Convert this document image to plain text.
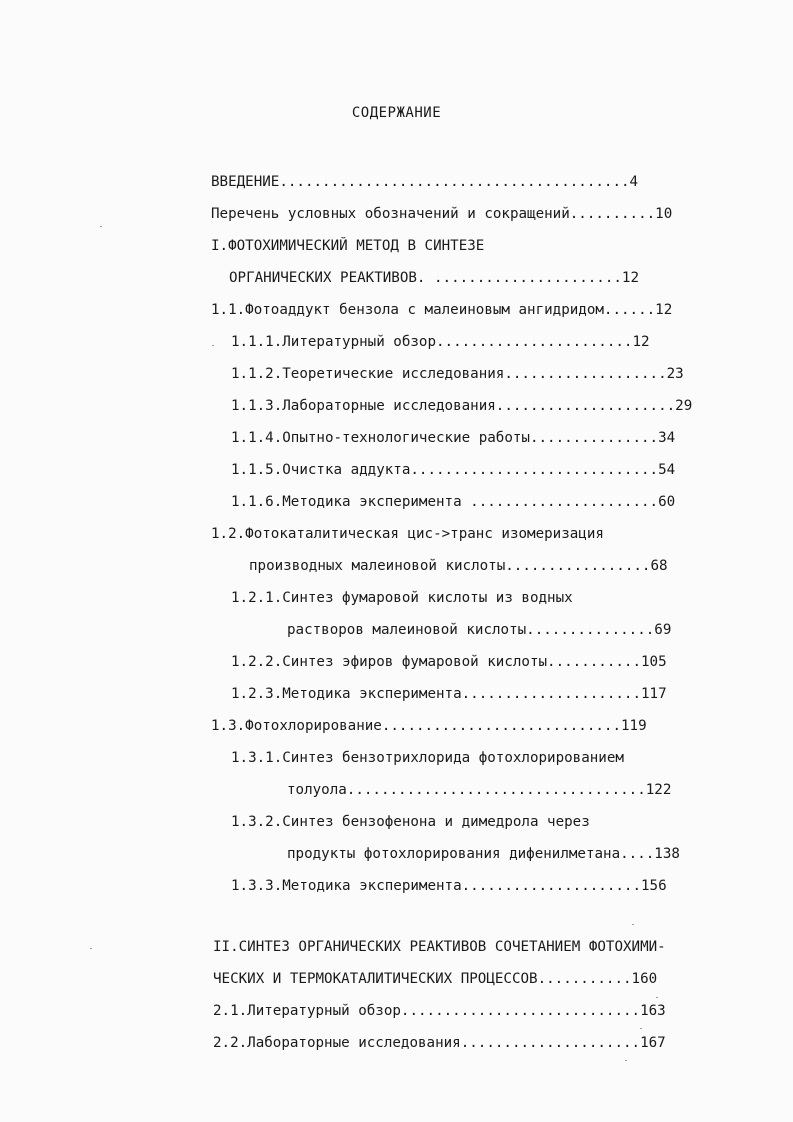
СОДЕРЖАНИЕ
ВВЕДЕНИЕ.........................................4
Перечень условных обозначений и сокращений..........10
I.ФОТОХИМИЧЕСКИЙ МЕТОД В СИНТЕЗЕ
ОРГАНИЧЕСКИХ РЕАКТИВОВ. ......................12
1.1.Фотоаддукт бензола с малеиновым ангидридом......12
1.1.1.Литературный обзор.......................12
1.1.2.Теоретические исследования...................23
1.1.3.Лабораторные исследования.....................29
1.1.4.Опытно-технологические работы...............34
1.1.5.Очистка аддукта.............................54
1.1.6.Методика эксперимента ......................60
1.2.Фотокаталитическая цис->транс изомеризация
производных малеиновой кислоты.................68
1.2.1.Синтез фумаровой кислоты из водных
растворов малеиновой кислоты...............69
1.2.2.Синтез эфиров фумаровой кислоты...........105
1.2.3.Методика эксперимента.....................117
1.3.Фотохлорирование............................119
1.3.1.Синтез бензотрихлорида фотохлорированием
толуола...................................122
1.3.2.Синтез бензофенона и димедрола через
продукты фотохлорирования дифенилметана....138
1.3.3.Методика эксперимента.....................156
II.СИНТЕЗ ОРГАНИЧЕСКИХ РЕАКТИВОВ СОЧЕТАНИЕМ ФОТОХИМИ-
ЧЕСКИХ И ТЕРМОКАТАЛИТИЧЕСКИХ ПРОЦЕССОВ...........160
2.1.Литературный обзор............................163
2.2.Лабораторные исследования.....................167
